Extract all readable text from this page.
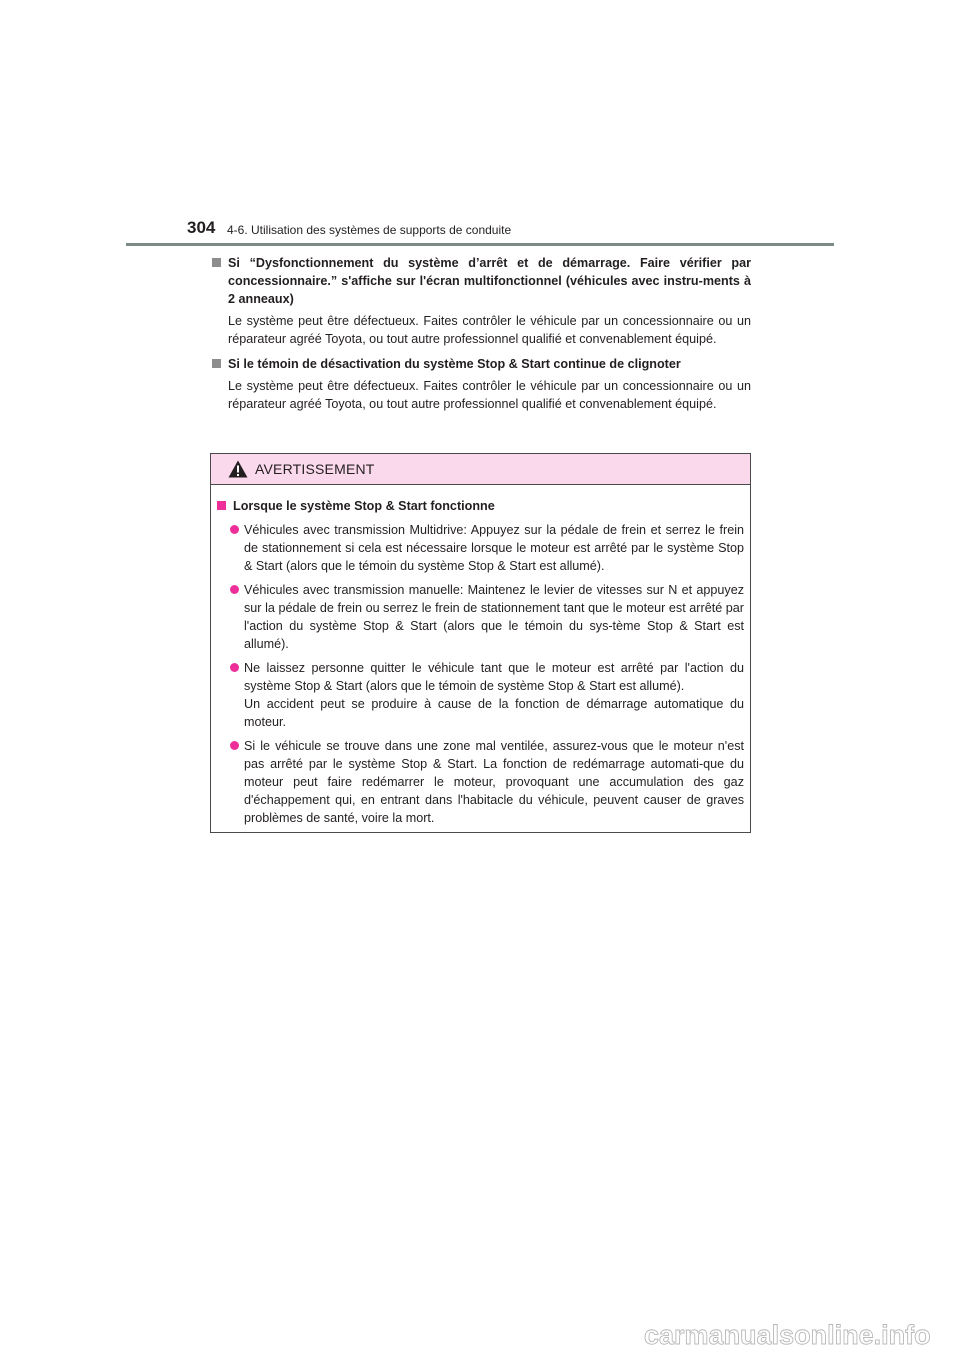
304 4-6. Utilisation des systèmes de supports de conduite
Si “Dysfonctionnement du système d’arrêt et de démarrage. Faire vérifier par concessionnaire.” s'affiche sur l'écran multifonctionnel (véhicules avec instru-ments à 2 anneaux)
Le système peut être défectueux. Faites contrôler le véhicule par un concessionnaire ou un réparateur agréé Toyota, ou tout autre professionnel qualifié et convenablement équipé.
Si le témoin de désactivation du système Stop & Start continue de clignoter
Le système peut être défectueux. Faites contrôler le véhicule par un concessionnaire ou un réparateur agréé Toyota, ou tout autre professionnel qualifié et convenablement équipé.
AVERTISSEMENT
Lorsque le système Stop & Start fonctionne
Véhicules avec transmission Multidrive: Appuyez sur la pédale de frein et serrez le frein de stationnement si cela est nécessaire lorsque le moteur est arrêté par le système Stop & Start (alors que le témoin du système Stop & Start est allumé).
Véhicules avec transmission manuelle: Maintenez le levier de vitesses sur N et appuyez sur la pédale de frein ou serrez le frein de stationnement tant que le moteur est arrêté par l'action du système Stop & Start (alors que le témoin du sys-tème Stop & Start est allumé).
Ne laissez personne quitter le véhicule tant que le moteur est arrêté par l'action du système Stop & Start (alors que le témoin de système Stop & Start est allumé).
Un accident peut se produire à cause de la fonction de démarrage automatique du moteur.
Si le véhicule se trouve dans une zone mal ventilée, assurez-vous que le moteur n'est pas arrêté par le système Stop & Start. La fonction de redémarrage automati-que du moteur peut faire redémarrer le moteur, provoquant une accumulation des gaz d'échappement qui, en entrant dans l'habitacle du véhicule, peuvent causer de graves problèmes de santé, voire la mort.
carmanualsonline.info
